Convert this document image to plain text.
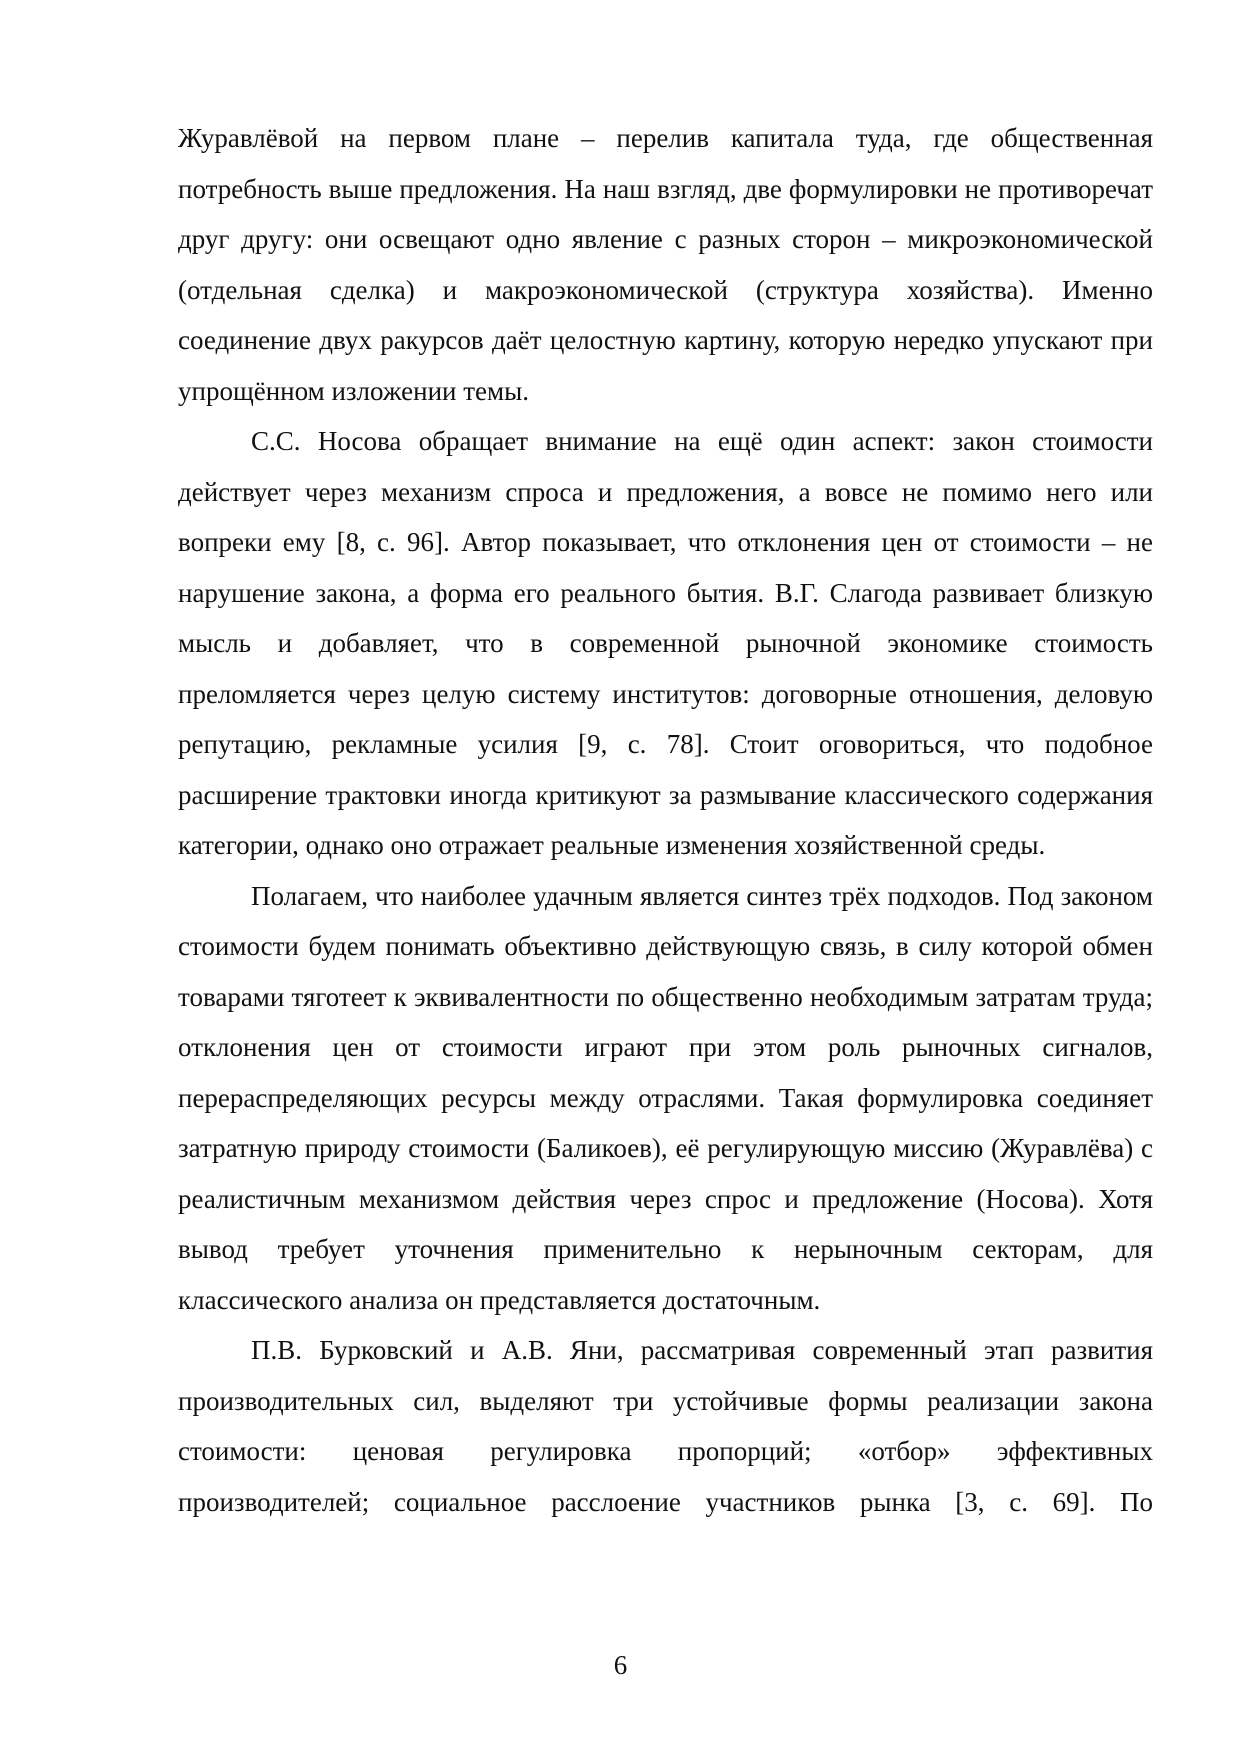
Журавлёвой на первом плане – перелив капитала туда, где общественная потребность выше предложения. На наш взгляд, две формулировки не противоречат друг другу: они освещают одно явление с разных сторон – микроэкономической (отдельная сделка) и макроэкономической (структура хозяйства). Именно соединение двух ракурсов даёт целостную картину, которую нередко упускают при упрощённом изложении темы.

С.С. Носова обращает внимание на ещё один аспект: закон стоимости действует через механизм спроса и предложения, а вовсе не помимо него или вопреки ему [8, с. 96]. Автор показывает, что отклонения цен от стоимости – не нарушение закона, а форма его реального бытия. В.Г. Слагода развивает близкую мысль и добавляет, что в современной рыночной экономике стоимость преломляется через целую систему институтов: договорные отношения, деловую репутацию, рекламные усилия [9, с. 78]. Стоит оговориться, что подобное расширение трактовки иногда критикуют за размывание классического содержания категории, однако оно отражает реальные изменения хозяйственной среды.

Полагаем, что наиболее удачным является синтез трёх подходов. Под законом стоимости будем понимать объективно действующую связь, в силу которой обмен товарами тяготеет к эквивалентности по общественно необходимым затратам труда; отклонения цен от стоимости играют при этом роль рыночных сигналов, перераспределяющих ресурсы между отраслями. Такая формулировка соединяет затратную природу стоимости (Баликоев), её регулирующую миссию (Журавлёва) с реалистичным механизмом действия через спрос и предложение (Носова). Хотя вывод требует уточнения применительно к нерыночным секторам, для классического анализа он представляется достаточным.

П.В. Бурковский и А.В. Яни, рассматривая современный этап развития производительных сил, выделяют три устойчивые формы реализации закона стоимости: ценовая регулировка пропорций; «отбор» эффективных производителей; социальное расслоение участников рынка [3, с. 69]. По

6
